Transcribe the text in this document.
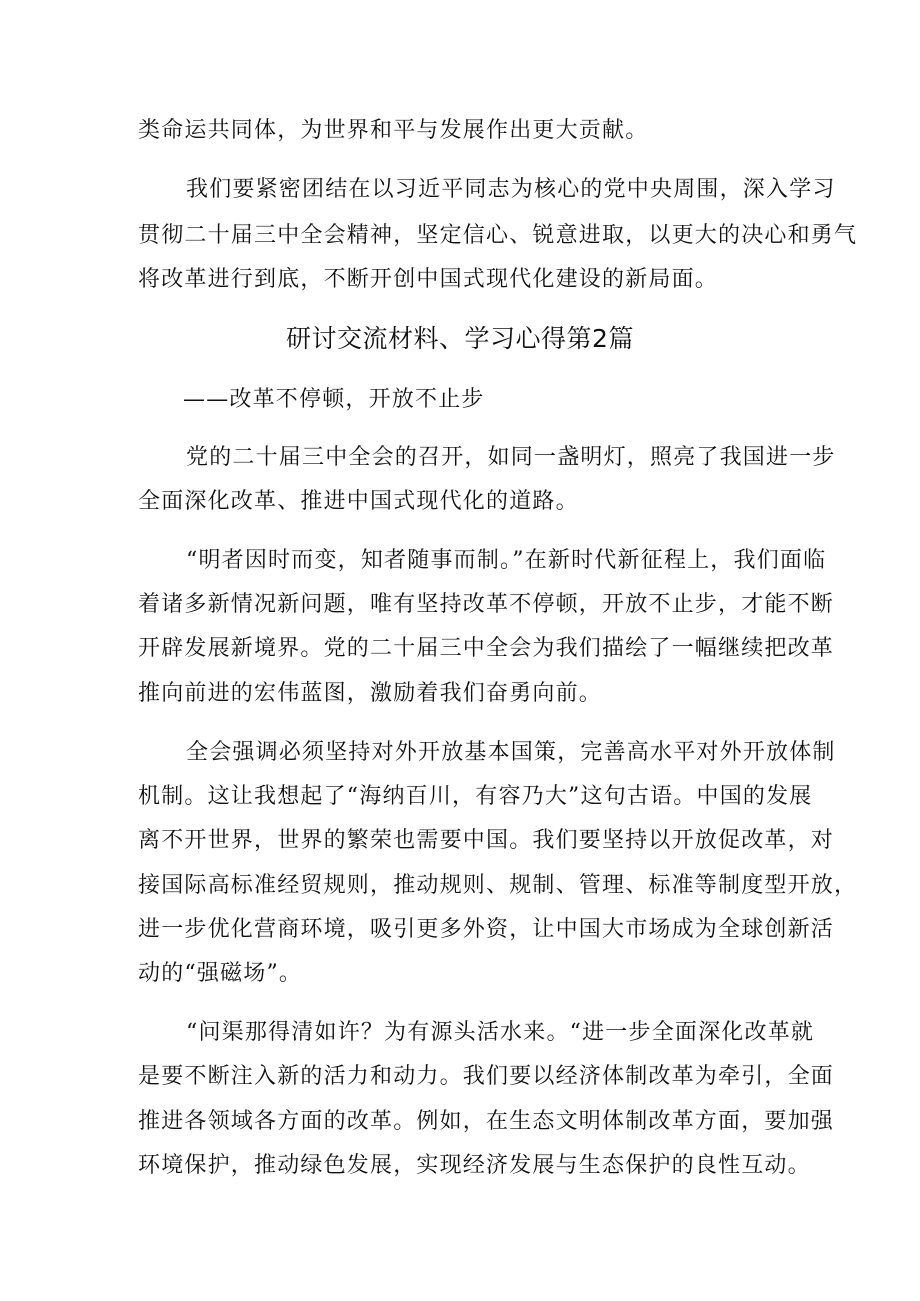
类命运共同体，为世界和平与发展作出更大贡献。
我们要紧密团结在以习近平同志为核心的党中央周围，深入学习
贯彻二十届三中全会精神，坚定信心、锐意进取，以更大的决心和勇气
将改革进行到底，不断开创中国式现代化建设的新局面。
研讨交流材料、学习心得第2篇
——改革不停顿，开放不止步
党的二十届三中全会的召开，如同一盏明灯，照亮了我国进一步
全面深化改革、推进中国式现代化的道路。
“明者因时而变，知者随事而制。”在新时代新征程上，我们面临
着诸多新情况新问题，唯有坚持改革不停顿，开放不止步，才能不断
开辟发展新境界。党的二十届三中全会为我们描绘了一幅继续把改革
推向前进的宏伟蓝图，激励着我们奋勇向前。
全会强调必须坚持对外开放基本国策，完善高水平对外开放体制
机制。这让我想起了“海纳百川，有容乃大”这句古语。中国的发展
离不开世界，世界的繁荣也需要中国。我们要坚持以开放促改革，对
接国际高标准经贸规则，推动规则、规制、管理、标准等制度型开放，
进一步优化营商环境，吸引更多外资，让中国大市场成为全球创新活
动的“强磁场”。
“问渠那得清如许？为有源头活水来。“进一步全面深化改革就
是要不断注入新的活力和动力。我们要以经济体制改革为牵引，全面
推进各领域各方面的改革。例如，在生态文明体制改革方面，要加强
环境保护，推动绿色发展，实现经济发展与生态保护的良性互动。
